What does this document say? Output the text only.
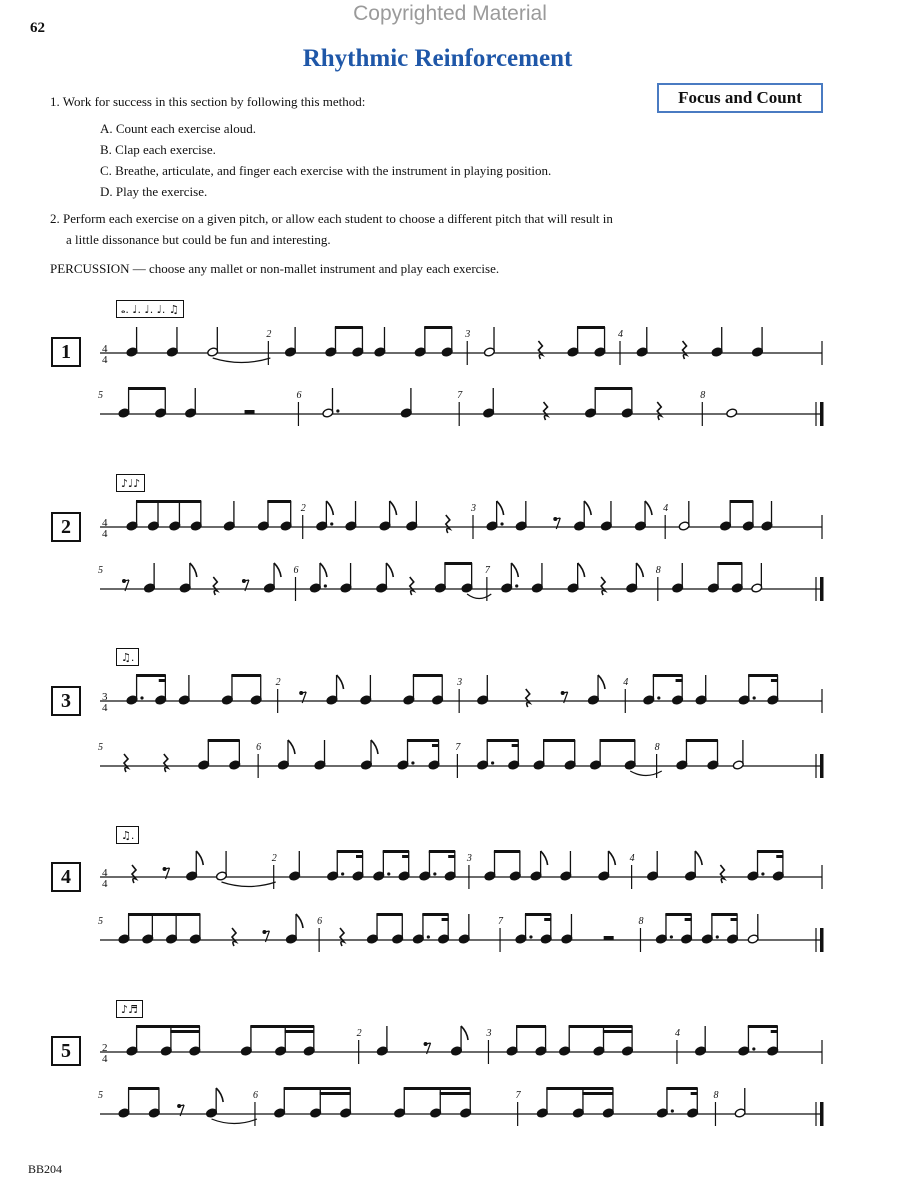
Copyrighted Material
62
Rhythmic Reinforcement
Focus and Count
1. Work for success in this section by following this method:
A. Count each exercise aloud.
B. Clap each exercise.
C. Breathe, articulate, and finger each exercise with the instrument in playing position.
D. Play the exercise.
2. Perform each exercise on a given pitch, or allow each student to choose a different pitch that will result in
a little dissonance but could be fun and interesting.
PERCUSSION — choose any mallet or non-mallet instrument and play each exercise.
1
2
3
4
5
𝅝. ♩. ♩. ♩. ♫
♪♩♪
♫.
♫.
♪♬
4
4
2	3	4
5	6	7	8
4
4
2	3	4
5	6	7	8
3
4
2	3	4
5	6	7	8
4
4
2	3	4
5	6	7	8
2
4
2	3	4
5	6	7	8
BB204
